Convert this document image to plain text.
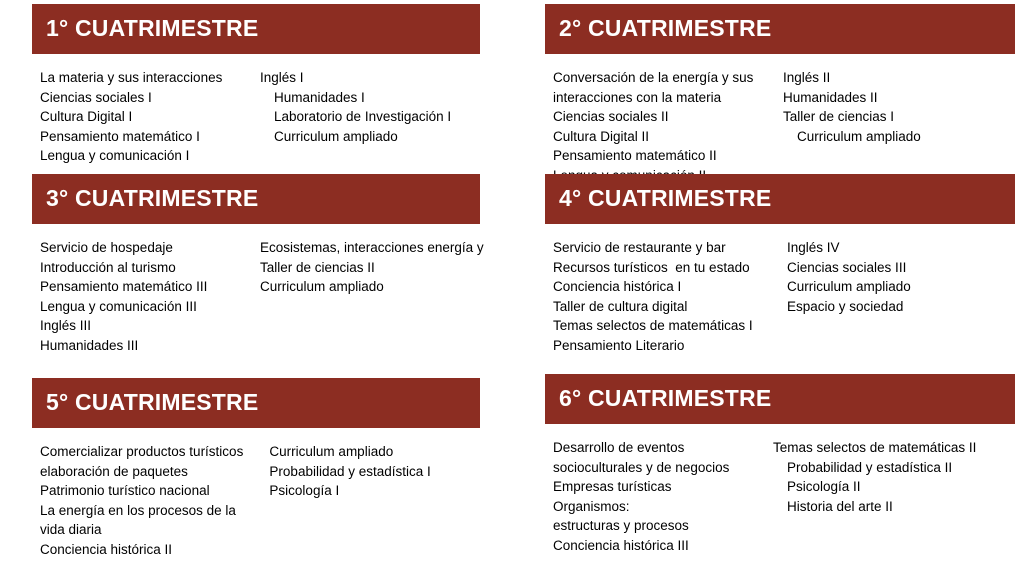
1° CUATRIMESTRE
La materia y sus interacciones
Ciencias sociales I
Cultura Digital I
Pensamiento matemático I
Lengua y comunicación I
Inglés I
Humanidades I
Laboratorio de Investigación I
Curriculum ampliado
3° CUATRIMESTRE
Servicio de hospedaje
Introducción al turismo
Pensamiento matemático III
Lengua y comunicación III
Inglés III
Humanidades III
Ecosistemas, interacciones energía y
Taller de ciencias II
Curriculum ampliado
5° CUATRIMESTRE
Comercializar productos turísticos
elaboración de paquetes
Patrimonio turístico nacional
La energía en los procesos de la vida diaria
Conciencia histórica II
Curriculum ampliado
Probabilidad y estadística I
Psicología I
2° CUATRIMESTRE
Conversación de la energía y sus
interacciones con la materia
Ciencias sociales II
Cultura Digital II
Pensamiento matemático II
Inglés II
Humanidades II
Taller de ciencias I
Curriculum ampliado
4° CUATRIMESTRE
Servicio de restaurante y bar
Recursos turísticos  en tu estado
Conciencia histórica I
Taller de cultura digital
Temas selectos de matemáticas I
Pensamiento Literario
Inglés IV
Ciencias sociales III
Curriculum ampliado
Espacio y sociedad
6° CUATRIMESTRE
Desarrollo de eventos
socioculturales y de negocios
Empresas turísticas
Organismos:
estructuras y procesos
Conciencia histórica III
Temas selectos de matemáticas II
Probabilidad y estadística II
Psicología II
Historia del arte II
